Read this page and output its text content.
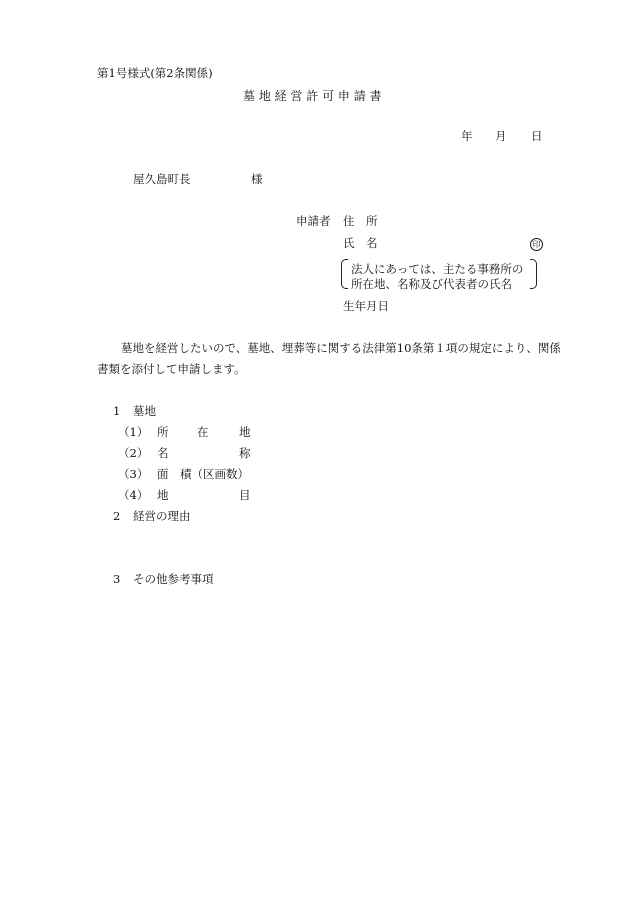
第1号様式(第2条関係)
墓 地 経 営 許 可 申 請 書
年 月 日
屋久島町長	様
申請者 住　所
氏　名	印
法人にあっては、主たる事務所の
所在地、名称及び代表者の氏名
生年月日
墓地を経営したいので、墓地、埋葬等に関する法律第10条第１項の規定により、関係
書類を添付して申請します。
1 墓地
（1） 所 在	地
（2） 名	称
（3） 面　積（区画数）
（4） 地	目
2 経営の理由
3 その他参考事項
